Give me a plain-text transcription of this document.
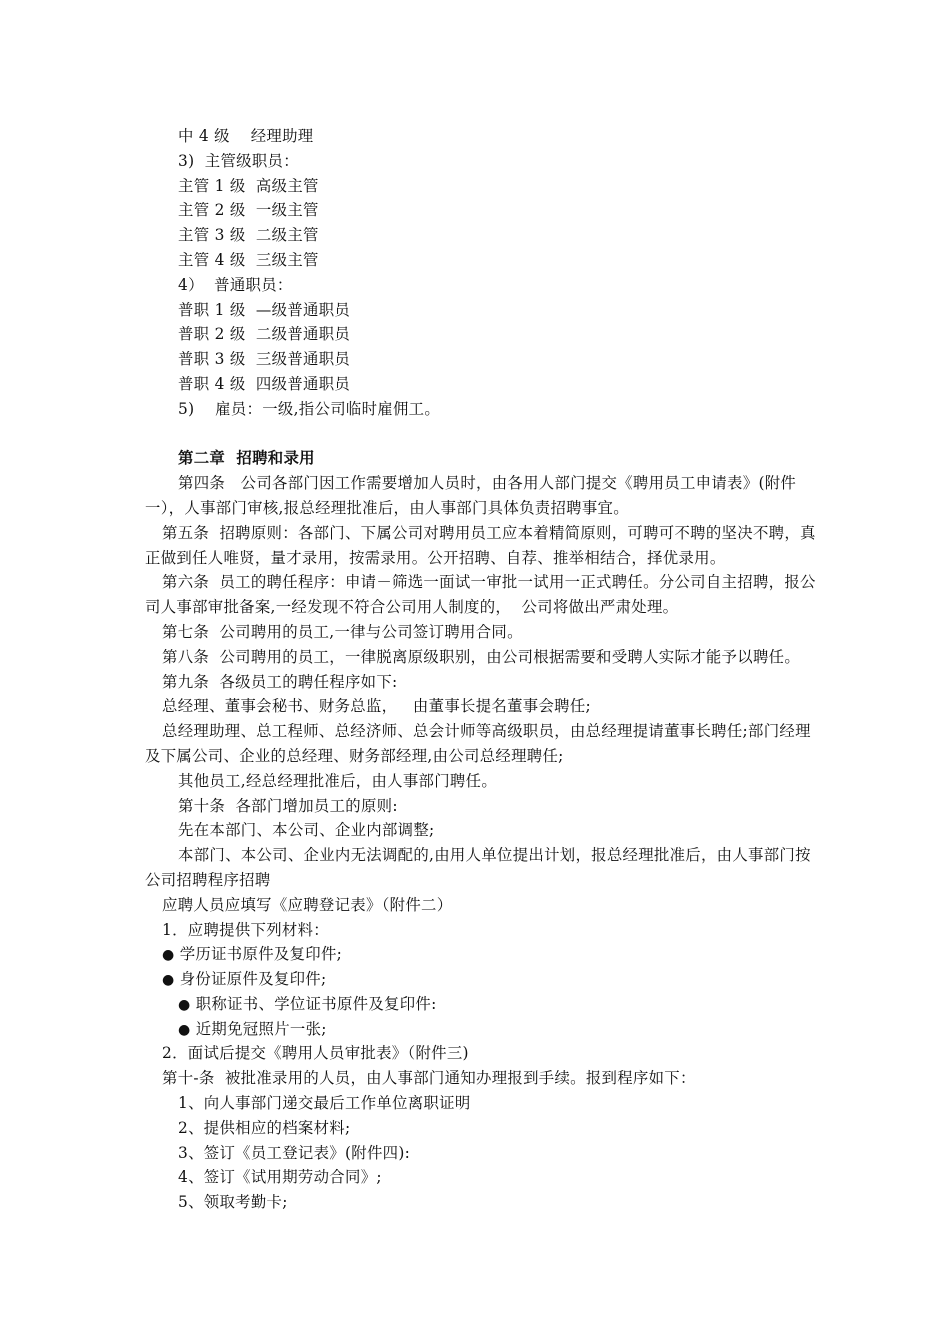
中 4 级　 经理助理
3)  主管级职员：
主管 1 级  高级主管
主管 2 级  一级主管
主管 3 级  二级主管
主管 4 级  三级主管
4）  普通职员：
普职 1 级  —级普通职员
普职 2 级  二级普通职员
普职 3 级  三级普通职员
普职 4 级  四级普通职员
5)    雇员：一级,指公司临时雇佣工。
第二章  招聘和录用
第四条   公司各部门因工作需要增加人员时，由各用人部门提交《聘用员工申请表》(附件
一），人事部门审核,报总经理批准后，由人事部门具体负责招聘事宜。
第五条  招聘原则：各部门、下属公司对聘用员工应本着精简原则，可聘可不聘的坚决不聘，真
正做到任人唯贤，量才录用，按需录用。公开招聘、自荐、推举相结合，择优录用。
第六条  员工的聘任程序：申请－筛选一面试一审批一试用一正式聘任。分公司自主招聘，报公
司人事部审批备案,一经发现不符合公司用人制度的，  公司将做出严肃处理。
第七条  公司聘用的员工,一律与公司签订聘用合同。
第八条  公司聘用的员工，一律脱离原级职别，由公司根据需要和受聘人实际才能予以聘任。
第九条  各级员工的聘任程序如下:
总经理、董事会秘书、财务总监，   由董事长提名董事会聘任;
总经理助理、总工程师、总经济师、总会计师等高级职员，由总经理提请董事长聘任;部门经理
及下属公司、企业的总经理、财务部经理,由公司总经理聘任;
其他员工,经总经理批准后，由人事部门聘任。
第十条  各部门增加员工的原则:
先在本部门、本公司、企业内部调整;
本部门、本公司、企业内无法调配的,由用人单位提出计划，报总经理批准后，由人事部门按
公司招聘程序招聘
应聘人员应填写《应聘登记表》（附件二）
1．应聘提供下列材料：
● 学历证书原件及复印件;
● 身份证原件及复印件;
● 职称证书、学位证书原件及复印件:
● 近期免冠照片一张;
2．面试后提交《聘用人员审批表》（附件三)
第十-条  被批准录用的人员，由人事部门通知办理报到手续。报到程序如下：
1、向人事部门递交最后工作单位离职证明
2、提供相应的档案材料;
3、签订《员工登记表》(附件四):
4、签订《试用期劳动合同》;
5、领取考勤卡;
